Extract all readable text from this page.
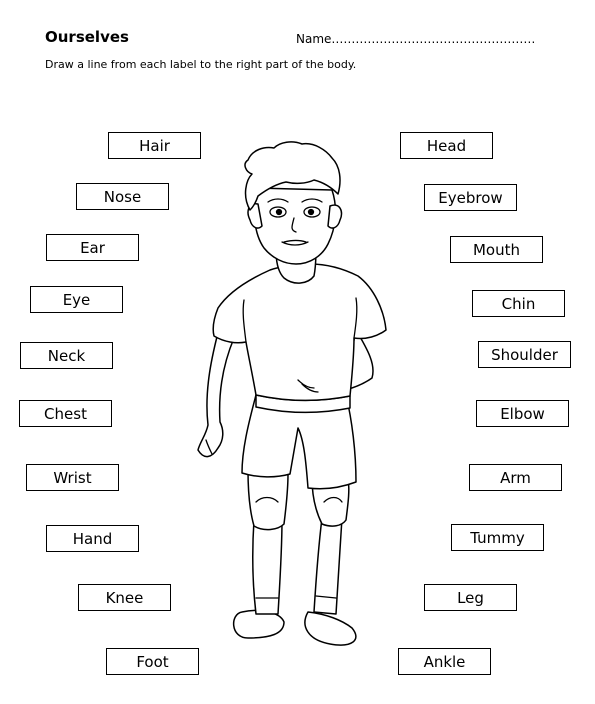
Ourselves	Name……………………………………………
Draw a line from each label to the right part of the body.
Hair
Nose
Ear
Eye
Neck
Chest
Wrist
Hand
Knee
Foot
Head
Eyebrow
Mouth
Chin
Shoulder
Elbow
Arm
Tummy
Leg
Ankle
